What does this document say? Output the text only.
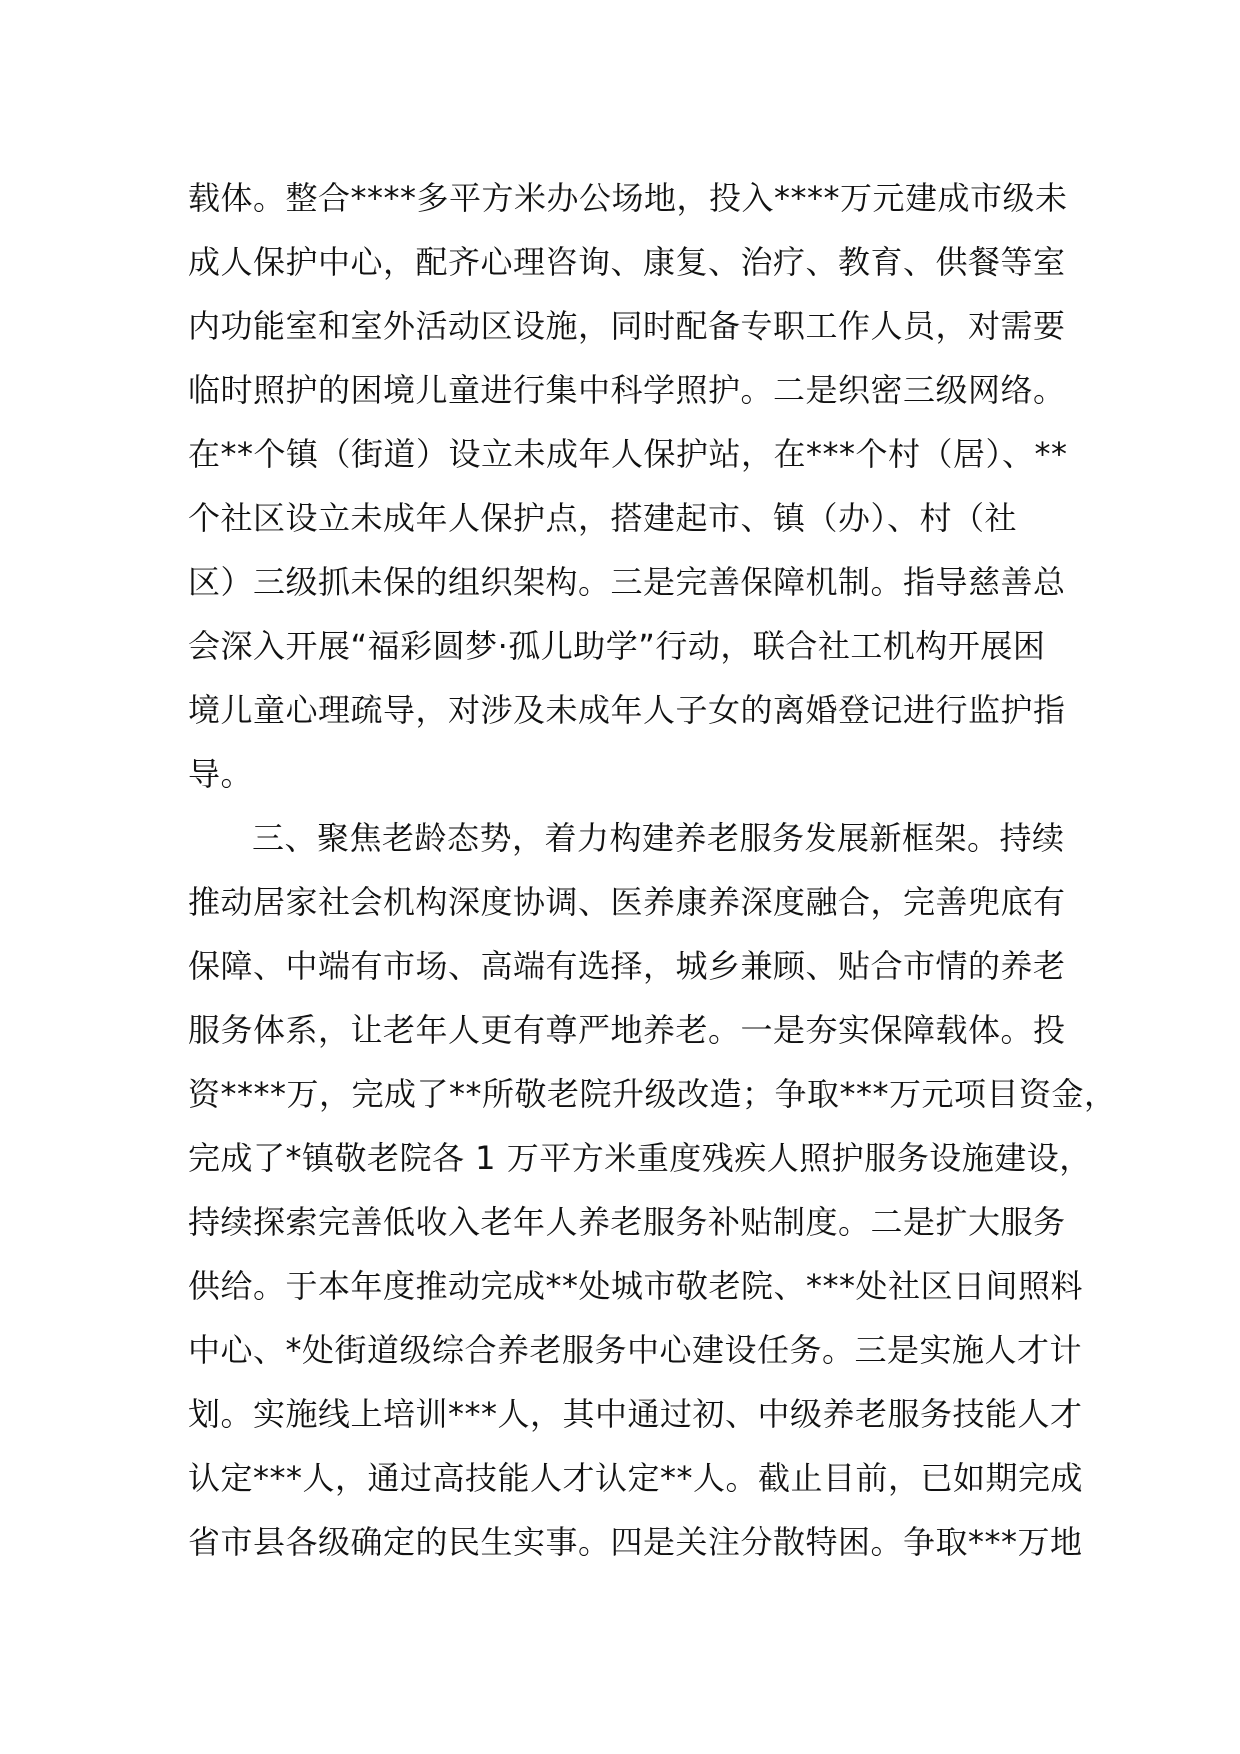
载体。整合****多平方米办公场地，投入****万元建成市级未
成人保护中心，配齐心理咨询、康复、治疗、教育、供餐等室
内功能室和室外活动区设施，同时配备专职工作人员，对需要
临时照护的困境儿童进行集中科学照护。二是织密三级网络。
在**个镇（街道）设立未成年人保护站，在***个村（居）、**
个社区设立未成年人保护点，搭建起市、镇（办）、村（社
区）三级抓未保的组织架构。三是完善保障机制。指导慈善总
会深入开展“福彩圆梦·孤儿助学”行动，联合社工机构开展困
境儿童心理疏导，对涉及未成年人子女的离婚登记进行监护指
导。
三、聚焦老龄态势，着力构建养老服务发展新框架。持续
推动居家社会机构深度协调、医养康养深度融合，完善兜底有
保障、中端有市场、高端有选择，城乡兼顾、贴合市情的养老
服务体系，让老年人更有尊严地养老。一是夯实保障载体。投
资****万，完成了**所敬老院升级改造；争取***万元项目资金，
完成了*镇敬老院各 1 万平方米重度残疾人照护服务设施建设，
持续探索完善低收入老年人养老服务补贴制度。二是扩大服务
供给。于本年度推动完成**处城市敬老院、***处社区日间照料
中心、*处街道级综合养老服务中心建设任务。三是实施人才计
划。实施线上培训***人，其中通过初、中级养老服务技能人才
认定***人，通过高技能人才认定**人。截止目前，已如期完成
省市县各级确定的民生实事。四是关注分散特困。争取***万地
